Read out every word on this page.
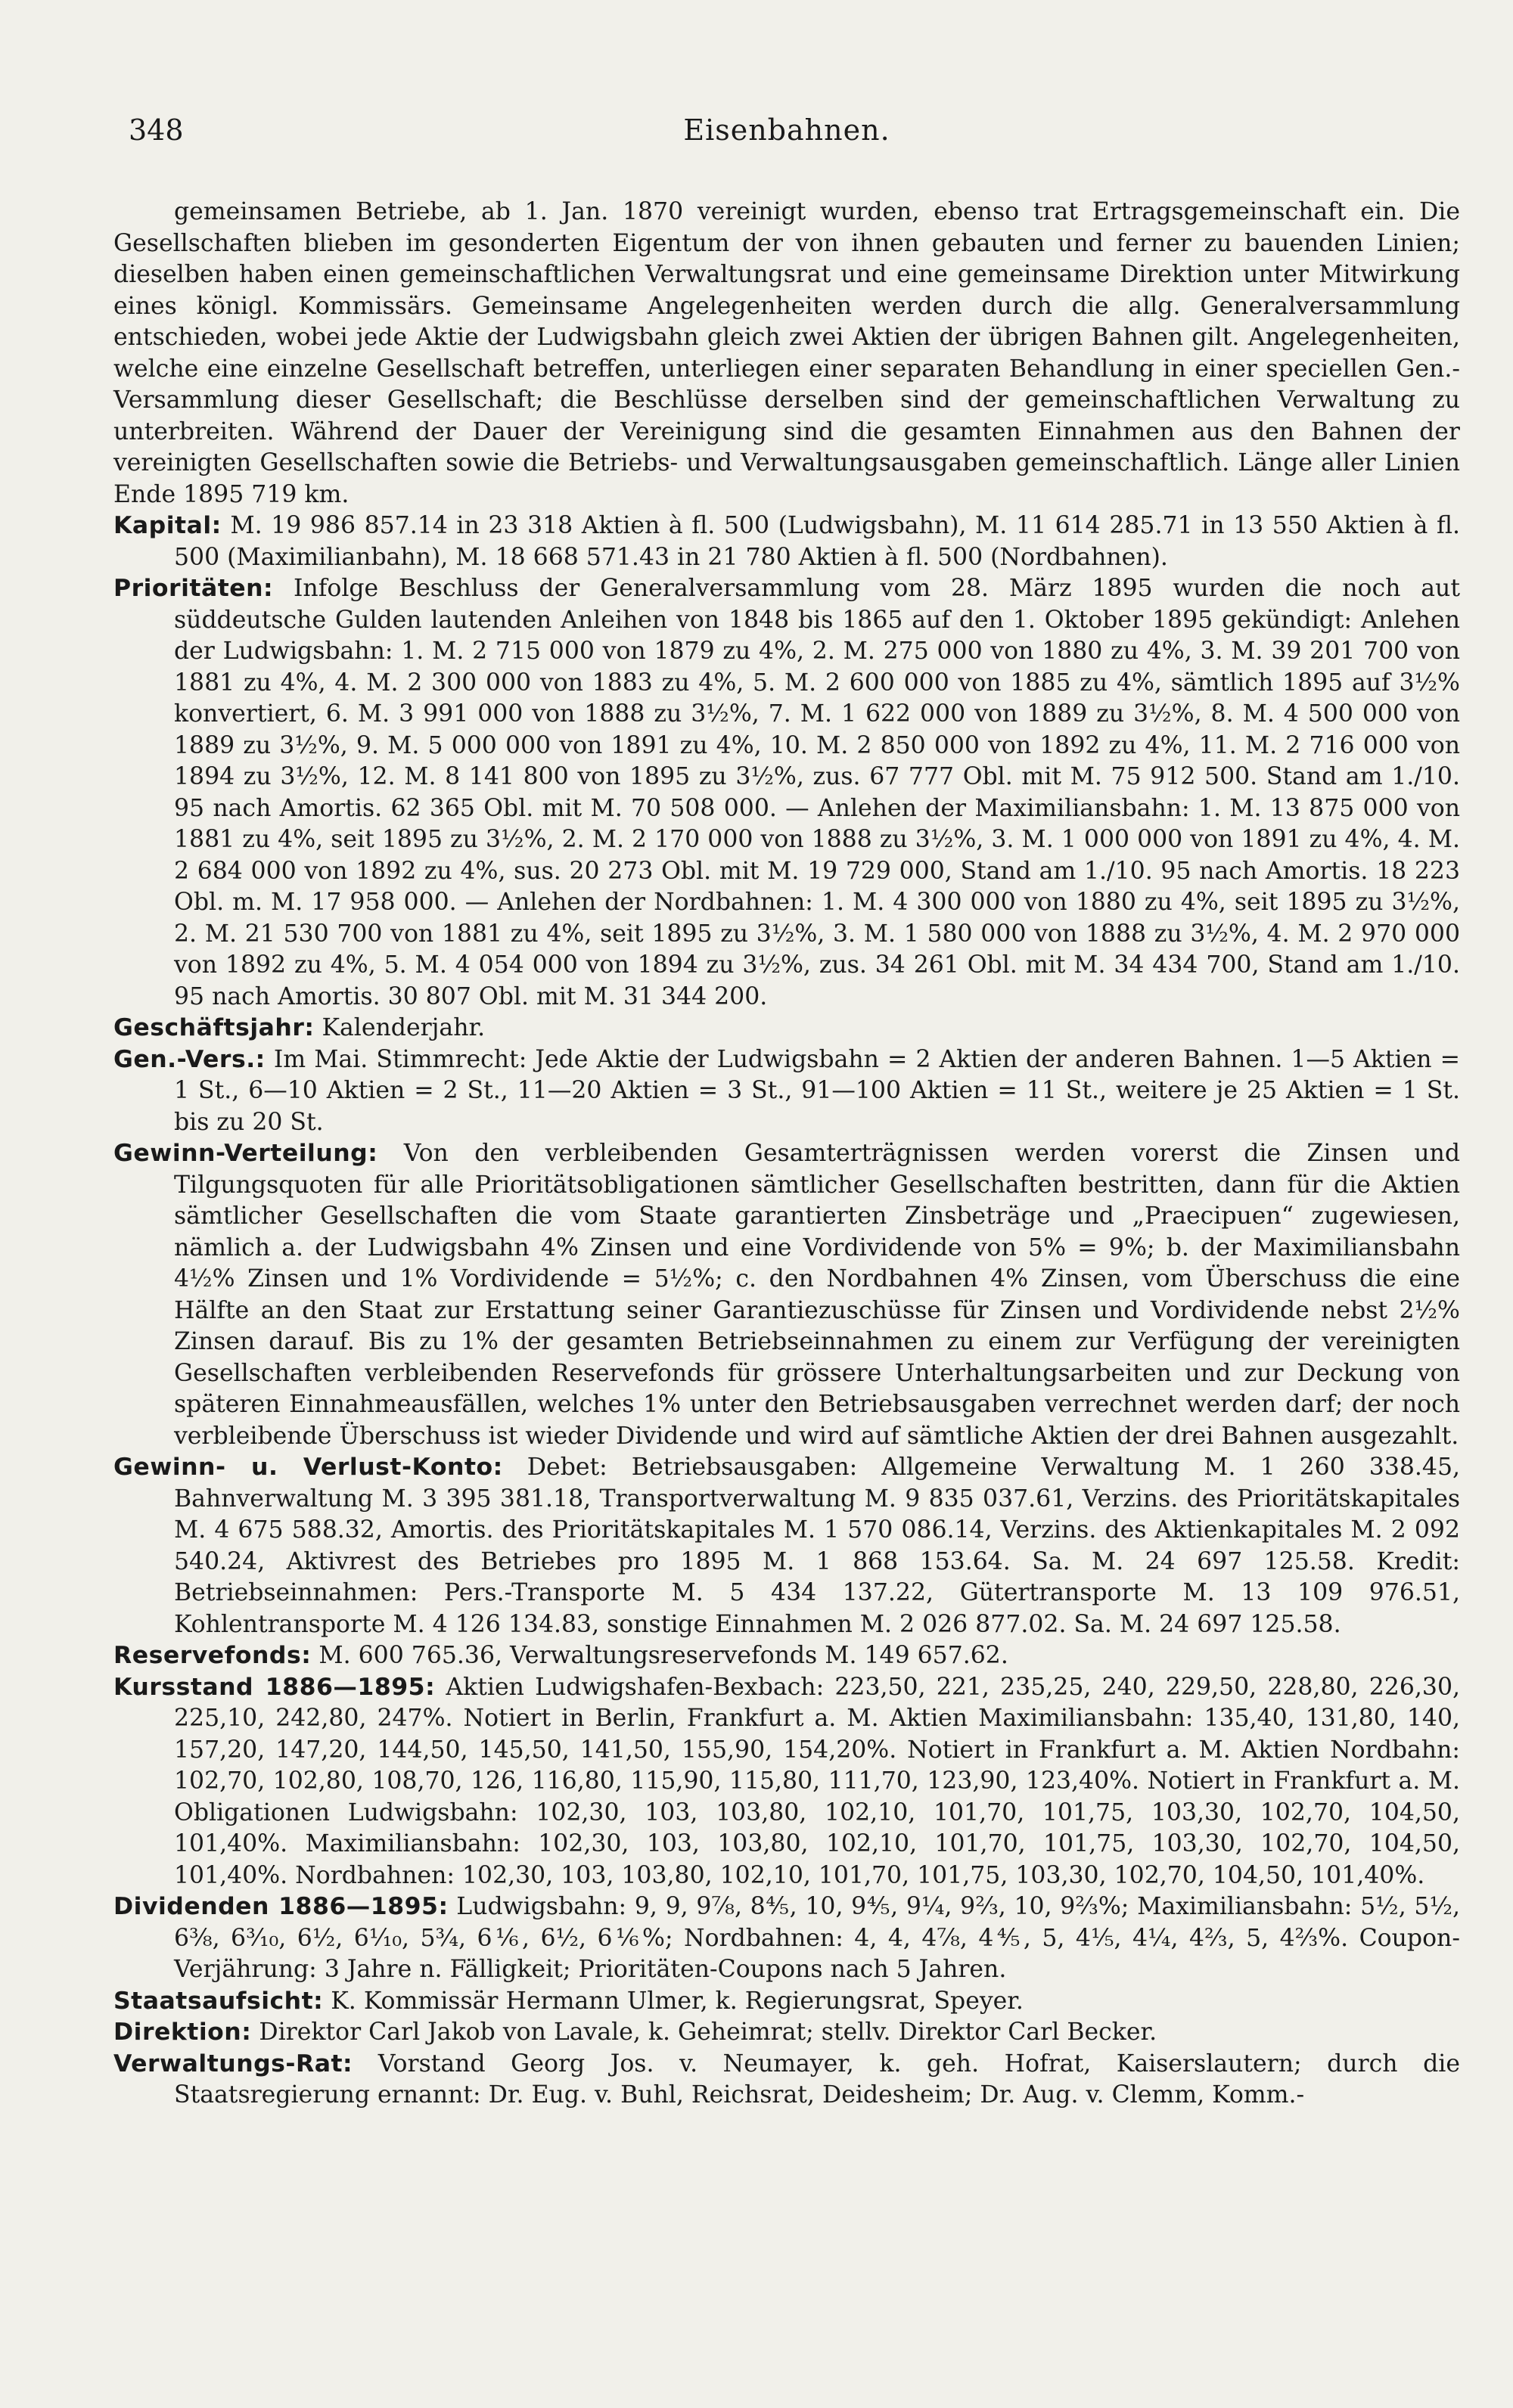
348	Eisenbahnen.

gemeinsamen Betriebe, ab 1. Jan. 1870 vereinigt wurden, ebenso trat Ertragsgemeinschaft ein. Die Gesellschaften blieben im gesonderten Eigentum der von ihnen gebauten und ferner zu bauenden Linien; dieselben haben einen gemeinschaftlichen Verwaltungsrat und eine gemeinsame Direktion unter Mitwirkung eines königl. Kommissärs. Gemeinsame Angelegenheiten werden durch die allg. Generalversammlung entschieden, wobei jede Aktie der Ludwigsbahn gleich zwei Aktien der übrigen Bahnen gilt. Angelegenheiten, welche eine einzelne Gesellschaft betreffen, unterliegen einer separaten Behandlung in einer speciellen Gen.-Versammlung dieser Gesellschaft; die Beschlüsse derselben sind der gemeinschaftlichen Verwaltung zu unterbreiten. Während der Dauer der Vereinigung sind die gesamten Einnahmen aus den Bahnen der vereinigten Gesellschaften sowie die Betriebs- und Verwaltungsausgaben gemeinschaftlich. Länge aller Linien Ende 1895 719 km.

Kapital: M. 19 986 857.14 in 23 318 Aktien à fl. 500 (Ludwigsbahn), M. 11 614 285.71 in 13 550 Aktien à fl. 500 (Maximilianbahn), M. 18 668 571.43 in 21 780 Aktien à fl. 500 (Nordbahnen).

Prioritäten: Infolge Beschluss der Generalversammlung vom 28. März 1895 wurden die noch aut süddeutsche Gulden lautenden Anleihen von 1848 bis 1865 auf den 1. Oktober 1895 gekündigt: Anlehen der Ludwigsbahn: 1. M. 2 715 000 von 1879 zu 4%, 2. M. 275 000 von 1880 zu 4%, 3. M. 39 201 700 von 1881 zu 4%, 4. M. 2 300 000 von 1883 zu 4%, 5. M. 2 600 000 von 1885 zu 4%, sämtlich 1895 auf 3½% konvertiert, 6. M. 3 991 000 von 1888 zu 3½%, 7. M. 1 622 000 von 1889 zu 3½%, 8. M. 4 500 000 von 1889 zu 3½%, 9. M. 5 000 000 von 1891 zu 4%, 10. M. 2 850 000 von 1892 zu 4%, 11. M. 2 716 000 von 1894 zu 3½%, 12. M. 8 141 800 von 1895 zu 3½%, zus. 67 777 Obl. mit M. 75 912 500. Stand am 1./10. 95 nach Amortis. 62 365 Obl. mit M. 70 508 000. — Anlehen der Maximiliansbahn: 1. M. 13 875 000 von 1881 zu 4%, seit 1895 zu 3½%, 2. M. 2 170 000 von 1888 zu 3½%, 3. M. 1 000 000 von 1891 zu 4%, 4. M. 2 684 000 von 1892 zu 4%, sus. 20 273 Obl. mit M. 19 729 000, Stand am 1./10. 95 nach Amortis. 18 223 Obl. m. M. 17 958 000. — Anlehen der Nordbahnen: 1. M. 4 300 000 von 1880 zu 4%, seit 1895 zu 3½%, 2. M. 21 530 700 von 1881 zu 4%, seit 1895 zu 3½%, 3. M. 1 580 000 von 1888 zu 3½%, 4. M. 2 970 000 von 1892 zu 4%, 5. M. 4 054 000 von 1894 zu 3½%, zus. 34 261 Obl. mit M. 34 434 700, Stand am 1./10. 95 nach Amortis. 30 807 Obl. mit M. 31 344 200.

Geschäftsjahr: Kalenderjahr.

Gen.-Vers.: Im Mai. Stimmrecht: Jede Aktie der Ludwigsbahn = 2 Aktien der anderen Bahnen. 1—5 Aktien = 1 St., 6—10 Aktien = 2 St., 11—20 Aktien = 3 St., 91—100 Aktien = 11 St., weitere je 25 Aktien = 1 St. bis zu 20 St.

Gewinn-Verteilung: Von den verbleibenden Gesamterträgnissen werden vorerst die Zinsen und Tilgungsquoten für alle Prioritätsobligationen sämtlicher Gesellschaften bestritten, dann für die Aktien sämtlicher Gesellschaften die vom Staate garantierten Zinsbeträge und „Praecipuen“ zugewiesen, nämlich a. der Ludwigsbahn 4% Zinsen und eine Vordividende von 5% = 9%; b. der Maximiliansbahn 4½% Zinsen und 1% Vordividende = 5½%; c. den Nordbahnen 4% Zinsen, vom Überschuss die eine Hälfte an den Staat zur Erstattung seiner Garantiezuschüsse für Zinsen und Vordividende nebst 2½% Zinsen darauf. Bis zu 1% der gesamten Betriebseinnahmen zu einem zur Verfügung der vereinigten Gesellschaften verbleibenden Reservefonds für grössere Unterhaltungsarbeiten und zur Deckung von späteren Einnahmeausfällen, welches 1% unter den Betriebsausgaben verrechnet werden darf; der noch verbleibende Überschuss ist wieder Dividende und wird auf sämtliche Aktien der drei Bahnen ausgezahlt.

Gewinn- u. Verlust-Konto: Debet: Betriebsausgaben: Allgemeine Verwaltung M. 1 260 338.45, Bahnverwaltung M. 3 395 381.18, Transportverwaltung M. 9 835 037.61, Verzins. des Prioritätskapitales M. 4 675 588.32, Amortis. des Prioritätskapitales M. 1 570 086.14, Verzins. des Aktienkapitales M. 2 092 540.24, Aktivrest des Betriebes pro 1895 M. 1 868 153.64. Sa. M. 24 697 125.58. Kredit: Betriebseinnahmen: Pers.-Transporte M. 5 434 137.22, Gütertransporte M. 13 109 976.51, Kohlentransporte M. 4 126 134.83, sonstige Einnahmen M. 2 026 877.02. Sa. M. 24 697 125.58.

Reservefonds: M. 600 765.36, Verwaltungsreservefonds M. 149 657.62.

Kursstand 1886—1895: Aktien Ludwigshafen-Bexbach: 223,50, 221, 235,25, 240, 229,50, 228,80, 226,30, 225,10, 242,80, 247%. Notiert in Berlin, Frankfurt a. M. Aktien Maximiliansbahn: 135,40, 131,80, 140, 157,20, 147,20, 144,50, 145,50, 141,50, 155,90, 154,20%. Notiert in Frankfurt a. M. Aktien Nordbahn: 102,70, 102,80, 108,70, 126, 116,80, 115,90, 115,80, 111,70, 123,90, 123,40%. Notiert in Frankfurt a. M. Obligationen Ludwigsbahn: 102,30, 103, 103,80, 102,10, 101,70, 101,75, 103,30, 102,70, 104,50, 101,40%. Maximiliansbahn: 102,30, 103, 103,80, 102,10, 101,70, 101,75, 103,30, 102,70, 104,50, 101,40%. Nordbahnen: 102,30, 103, 103,80, 102,10, 101,70, 101,75, 103,30, 102,70, 104,50, 101,40%.

Dividenden 1886—1895: Ludwigsbahn: 9, 9, 9⅞, 8⅘, 10, 9⅘, 9¼, 9⅔, 10, 9⅔%; Maximiliansbahn: 5½, 5½, 6⅜, 6³⁄₁₀, 6½, 6¹⁄₁₀, 5¾, 6⅙, 6½, 6⅙%; Nordbahnen: 4, 4, 4⅞, 4⅘, 5, 4⅕, 4¼, 4⅔, 5, 4⅔%. Coupon-Verjährung: 3 Jahre n. Fälligkeit; Prioritäten-Coupons nach 5 Jahren.

Staatsaufsicht: K. Kommissär Hermann Ulmer, k. Regierungsrat, Speyer.

Direktion: Direktor Carl Jakob von Lavale, k. Geheimrat; stellv. Direktor Carl Becker.

Verwaltungs-Rat: Vorstand Georg Jos. v. Neumayer, k. geh. Hofrat, Kaiserslautern; durch die Staatsregierung ernannt: Dr. Eug. v. Buhl, Reichsrat, Deidesheim; Dr. Aug. v. Clemm, Komm.-
